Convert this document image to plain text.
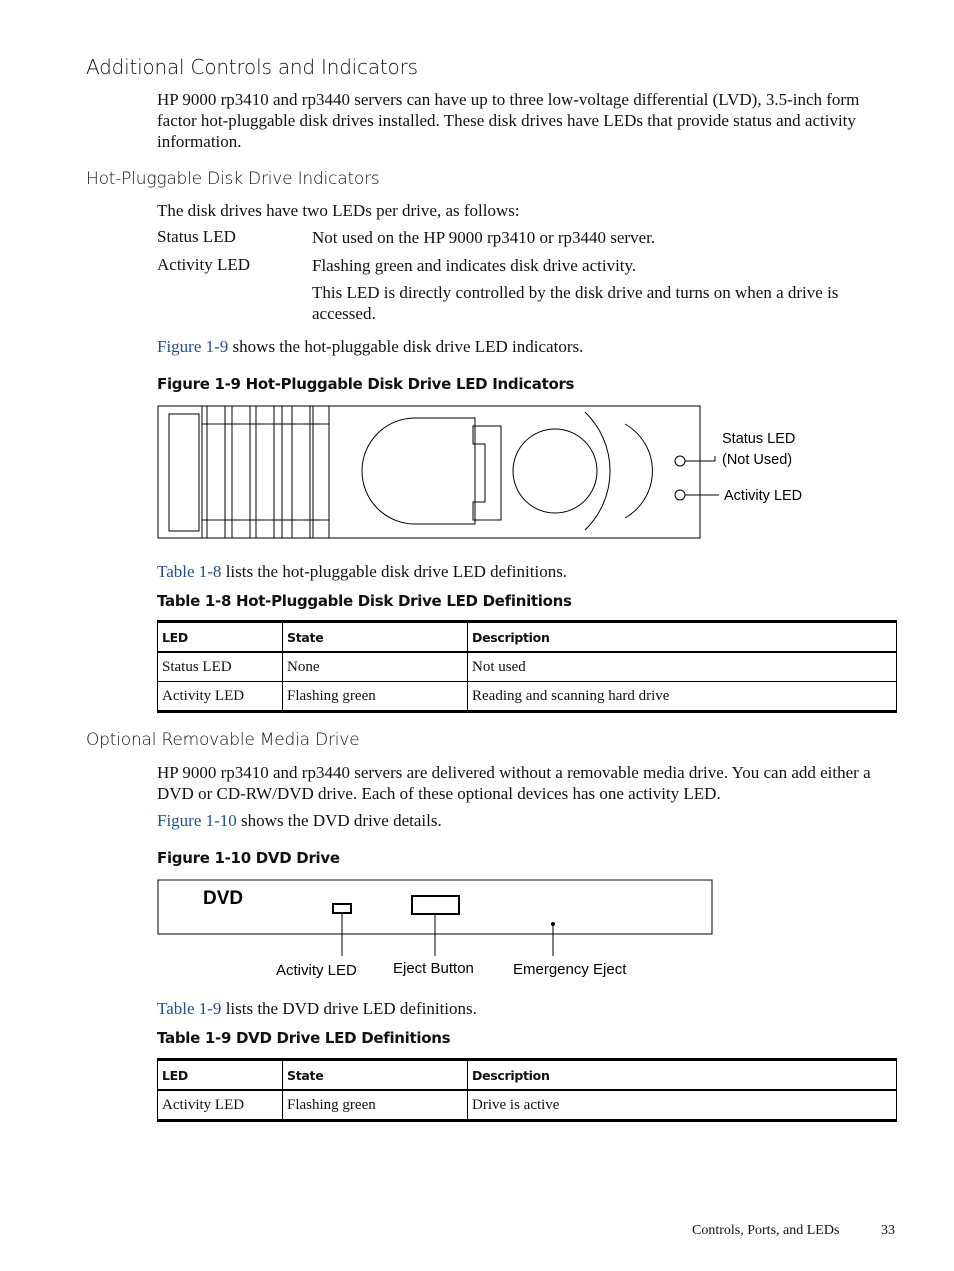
Additional Controls and Indicators
HP 9000 rp3410 and rp3440 servers can have up to three low-voltage differential (LVD), 3.5-inch form factor hot-pluggable disk drives installed. These disk drives have LEDs that provide status and activity information.
Hot-Pluggable Disk Drive Indicators
The disk drives have two LEDs per drive, as follows:
Status LED	Not used on the HP 9000 rp3410 or rp3440 server.
Activity LED	Flashing green and indicates disk drive activity.
This LED is directly controlled by the disk drive and turns on when a drive is accessed.
Figure 1-9 shows the hot-pluggable disk drive LED indicators.
Figure 1-9 Hot-Pluggable Disk Drive LED Indicators
Status LED
(Not Used)
Activity LED
Table 1-8 lists the hot-pluggable disk drive LED definitions.
Table 1-8 Hot-Pluggable Disk Drive LED Definitions
LED	State	Description
Status LED	None	Not used
Activity LED	Flashing green	Reading and scanning hard drive
Optional Removable Media Drive
HP 9000 rp3410 and rp3440 servers are delivered without a removable media drive. You can add either a DVD or CD-RW/DVD drive. Each of these optional devices has one activity LED.
Figure 1-10 shows the DVD drive details.
Figure 1-10 DVD Drive
DVD
Activity LED Eject Button	Emergency Eject
Table 1-9 lists the DVD drive LED definitions.
Table 1-9 DVD Drive LED Definitions
LED	State	Description
Activity LED	Flashing green	Drive is active
Controls, Ports, and LEDs	33
